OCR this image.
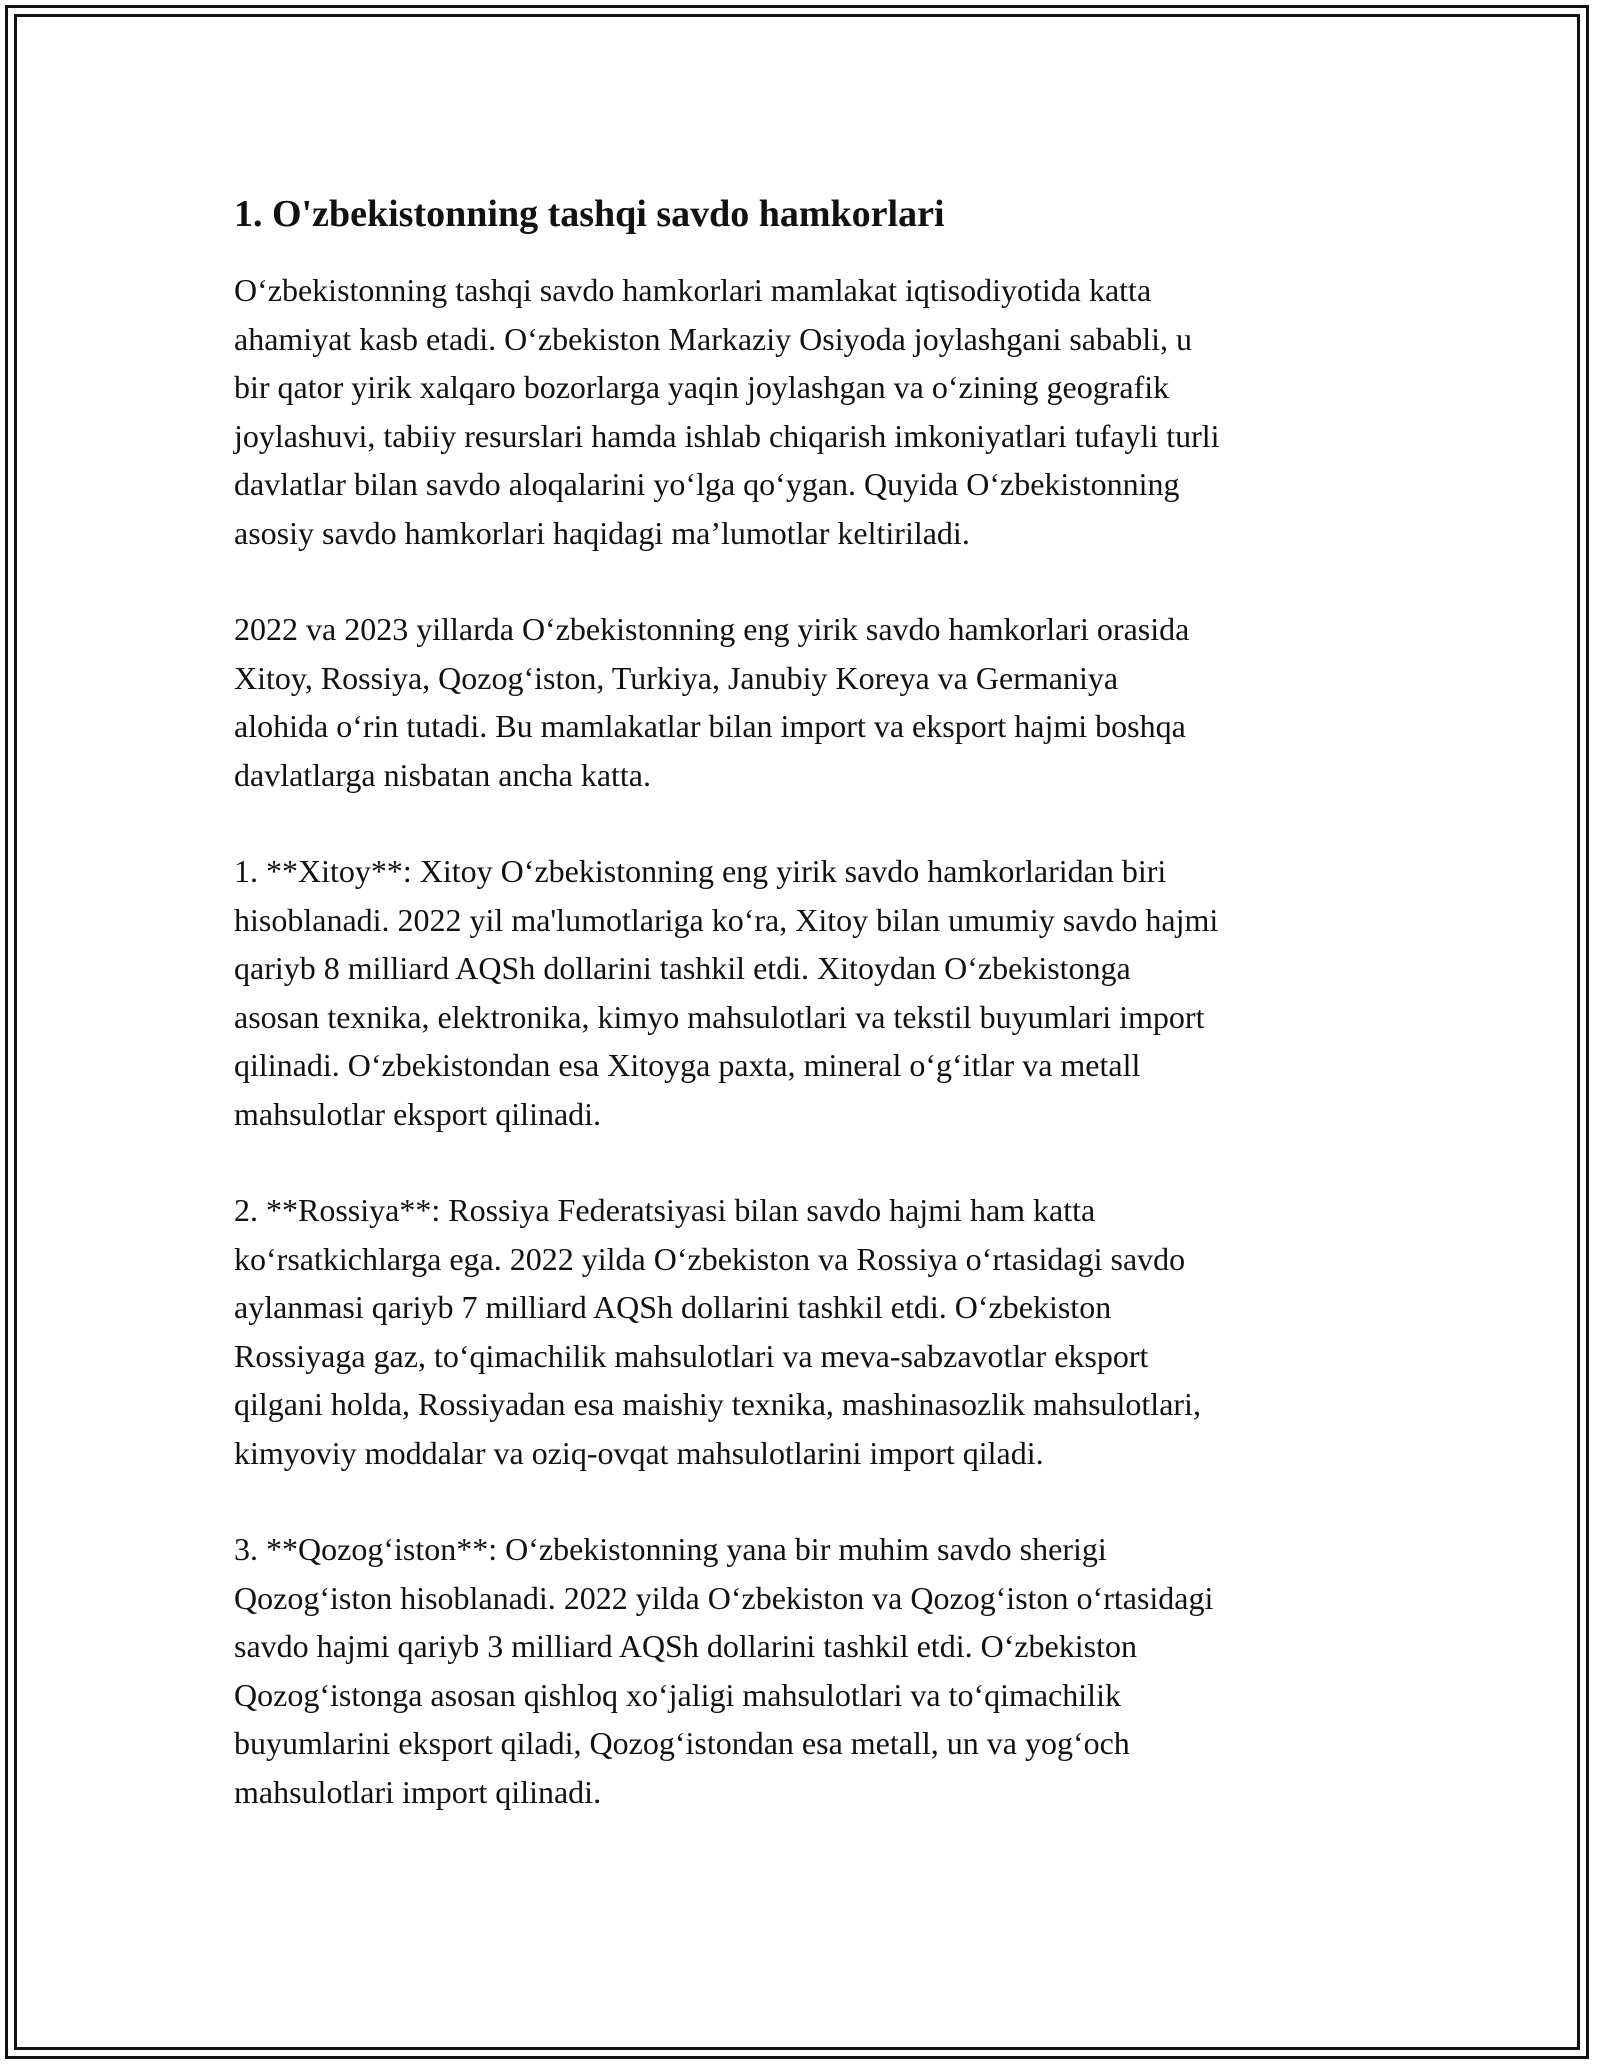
1. O'zbekistonning tashqi savdo hamkorlari

O‘zbekistonning tashqi savdo hamkorlari mamlakat iqtisodiyotida katta
ahamiyat kasb etadi. O‘zbekiston Markaziy Osiyoda joylashgani sababli, u
bir qator yirik xalqaro bozorlarga yaqin joylashgan va o‘zining geografik
joylashuvi, tabiiy resurslari hamda ishlab chiqarish imkoniyatlari tufayli turli
davlatlar bilan savdo aloqalarini yo‘lga qo‘ygan. Quyida O‘zbekistonning
asosiy savdo hamkorlari haqidagi ma’lumotlar keltiriladi.

2022 va 2023 yillarda O‘zbekistonning eng yirik savdo hamkorlari orasida
Xitoy, Rossiya, Qozog‘iston, Turkiya, Janubiy Koreya va Germaniya
alohida o‘rin tutadi. Bu mamlakatlar bilan import va eksport hajmi boshqa
davlatlarga nisbatan ancha katta.

1. **Xitoy**: Xitoy O‘zbekistonning eng yirik savdo hamkorlaridan biri
hisoblanadi. 2022 yil ma'lumotlariga ko‘ra, Xitoy bilan umumiy savdo hajmi
qariyb 8 milliard AQSh dollarini tashkil etdi. Xitoydan O‘zbekistonga
asosan texnika, elektronika, kimyo mahsulotlari va tekstil buyumlari import
qilinadi. O‘zbekistondan esa Xitoyga paxta, mineral o‘g‘itlar va metall
mahsulotlar eksport qilinadi.

2. **Rossiya**: Rossiya Federatsiyasi bilan savdo hajmi ham katta
ko‘rsatkichlarga ega. 2022 yilda O‘zbekiston va Rossiya o‘rtasidagi savdo
aylanmasi qariyb 7 milliard AQSh dollarini tashkil etdi. O‘zbekiston
Rossiyaga gaz, to‘qimachilik mahsulotlari va meva-sabzavotlar eksport
qilgani holda, Rossiyadan esa maishiy texnika, mashinasozlik mahsulotlari,
kimyoviy moddalar va oziq-ovqat mahsulotlarini import qiladi.

3. **Qozog‘iston**: O‘zbekistonning yana bir muhim savdo sherigi
Qozog‘iston hisoblanadi. 2022 yilda O‘zbekiston va Qozog‘iston o‘rtasidagi
savdo hajmi qariyb 3 milliard AQSh dollarini tashkil etdi. O‘zbekiston
Qozog‘istonga asosan qishloq xo‘jaligi mahsulotlari va to‘qimachilik
buyumlarini eksport qiladi, Qozog‘istondan esa metall, un va yog‘och
mahsulotlari import qilinadi.
